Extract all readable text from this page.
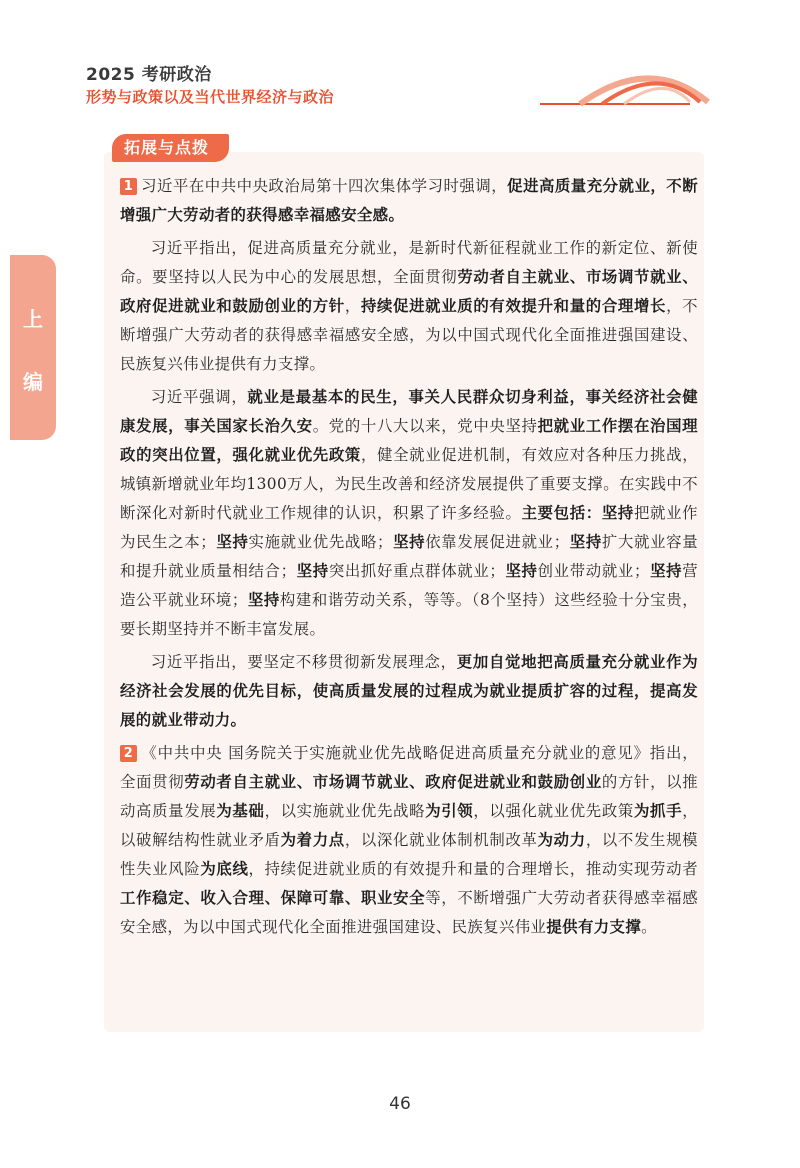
2025 考研政治
形势与政策以及当代世界经济与政治
上
编
拓展与点拨

1 习近平在中共中央政治局第十四次集体学习时强调，促进高质量充分就业，不断增强广大劳动者的获得感幸福感安全感。

习近平指出，促进高质量充分就业，是新时代新征程就业工作的新定位、新使命。要坚持以人民为中心的发展思想，全面贯彻劳动者自主就业、市场调节就业、政府促进就业和鼓励创业的方针，持续促进就业质的有效提升和量的合理增长，不断增强广大劳动者的获得感幸福感安全感，为以中国式现代化全面推进强国建设、民族复兴伟业提供有力支撑。

习近平强调，就业是最基本的民生，事关人民群众切身利益，事关经济社会健康发展，事关国家长治久安。党的十八大以来，党中央坚持把就业工作摆在治国理政的突出位置，强化就业优先政策，健全就业促进机制，有效应对各种压力挑战，城镇新增就业年均1300万人，为民生改善和经济发展提供了重要支撑。在实践中不断深化对新时代就业工作规律的认识，积累了许多经验。主要包括：坚持把就业作为民生之本；坚持实施就业优先战略；坚持依靠发展促进就业；坚持扩大就业容量和提升就业质量相结合；坚持突出抓好重点群体就业；坚持创业带动就业；坚持营造公平就业环境；坚持构建和谐劳动关系，等等。（8个坚持）这些经验十分宝贵，要长期坚持并不断丰富发展。

习近平指出，要坚定不移贯彻新发展理念，更加自觉地把高质量充分就业作为经济社会发展的优先目标，使高质量发展的过程成为就业提质扩容的过程，提高发展的就业带动力。

2 《中共中央 国务院关于实施就业优先战略促进高质量充分就业的意见》指出，全面贯彻劳动者自主就业、市场调节就业、政府促进就业和鼓励创业的方针，以推动高质量发展为基础，以实施就业优先战略为引领，以强化就业优先政策为抓手，以破解结构性就业矛盾为着力点，以深化就业体制机制改革为动力，以不发生规模性失业风险为底线，持续促进就业质的有效提升和量的合理增长，推动实现劳动者工作稳定、收入合理、保障可靠、职业安全等，不断增强广大劳动者获得感幸福感安全感，为以中国式现代化全面推进强国建设、民族复兴伟业提供有力支撑。

46
